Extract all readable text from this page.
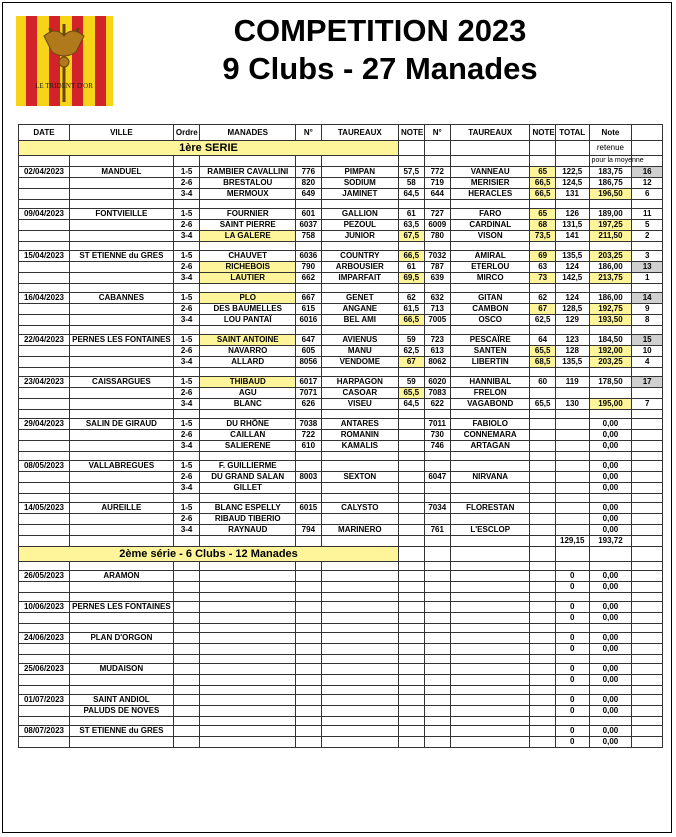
LE TRIDENT D'OR
COMPETITION 2023
9 Clubs - 27 Manades
DATE	VILLE	Ordre	MANADES	N°	TAUREAUX	NOTE	N°	TAUREAUX	NOTE	TOTAL	Note	
1ère SERIE											retenue	
											pour la moyenne	
02/04/2023	MANDUEL	1-5	RAMBIER CAVALLINI	776	PIMPAN	57,5	772	VANNEAU	65	122,5	183,75	16
		2-6	BRESTALOU	820	SODIUM	58	719	MERISIER	66,5	124,5	186,75	12
		3-4	MERMOUX	649	JAMINET	64,5	644	HERACLES	66,5	131	196,50	6

09/04/2023	FONTVIEILLE	1-5	FOURNIER	601	GALLION	61	727	FARO	65	126	189,00	11
		2-6	SAINT PIERRE	6037	PEZOUL	63,5	6009	CARDINAL	68	131,5	197,25	5
		3-4	LA GALERE	758	JUNIOR	67,5	780	VISON	73,5	141	211,50	2

15/04/2023	ST ETIENNE du GRES	1-5	CHAUVET	6036	COUNTRY	66,5	7032	AMIRAL	69	135,5	203,25	3
		2-6	RICHEBOIS	790	ARBOUSIER	61	787	ETERLOU	63	124	186,00	13
		3-4	LAUTIER	662	IMPARFAIT	69,5	639	MIRCO	73	142,5	213,75	1

16/04/2023	CABANNES	1-5	PLO	667	GENET	62	632	GITAN	62	124	186,00	14
		2-6	DES BAUMELLES	615	ANGANE	61,5	713	CAMBON	67	128,5	192,75	9
		3-4	LOU PANTAÏ	6016	BEL AMI	66,5	7005	OSCO	62,5	129	193,50	8

22/04/2023	PERNES LES FONTAINES	1-5	SAINT ANTOINE	647	AVIENUS	59	723	PESCAÏRE	64	123	184,50	15
		2-6	NAVARRO	605	MANU	62,5	613	SANTEN	65,5	128	192,00	10
		3-4	ALLARD	8056	VENDOME	67	8062	LIBERTIN	68,5	135,5	203,25	4

23/04/2023	CAISSARGUES	1-5	THIBAUD	6017	HARPAGON	59	6020	HANNIBAL	60	119	178,50	17
		2-6	AGU	7071	CASOAR	65,5	7083	FRELON				
		3-4	BLANC	626	VISEU	64,5	622	VAGABOND	65,5	130	195,00	7

29/04/2023	SALIN DE GIRAUD	1-5	DU RHÔNE	7038	ANTARES		7011	FABIOLO			0,00	
		2-6	CAILLAN	722	ROMANIN		730	CONNEMARA			0,00	
		3-4	SALIERENE	610	KAMALIS		746	ARTAGAN			0,00	

08/05/2023	VALLABREGUES	1-5	F. GUILLIERME								0,00	
		2-6	DU GRAND SALAN	8003	SEXTON		6047	NIRVANA			0,00	
		3-4	GILLET								0,00	

14/05/2023	AUREILLE	1-5	BLANC ESPELLY	6015	CALYSTO		7034	FLORESTAN			0,00	
		2-6	RIBAUD TIBERIO								0,00	
		3-4	RAYNAUD	794	MARINERO		761	L'ESCLOP			0,00	
										129,15	193,72	
2ème série - 6 Clubs - 12 Manades												

26/05/2023	ARAMON									0	0,00	
										0	0,00	

10/06/2023	PERNES LES FONTAINES									0	0,00	
										0	0,00	

24/06/2023	PLAN D'ORGON									0	0,00	
										0	0,00	

25/06/2023	MUDAISON									0	0,00	
										0	0,00	

01/07/2023	SAINT ANDIOL									0	0,00	
	PALUDS DE NOVES									0	0,00	

08/07/2023	ST ETIENNE du GRES									0	0,00	
										0	0,00	
